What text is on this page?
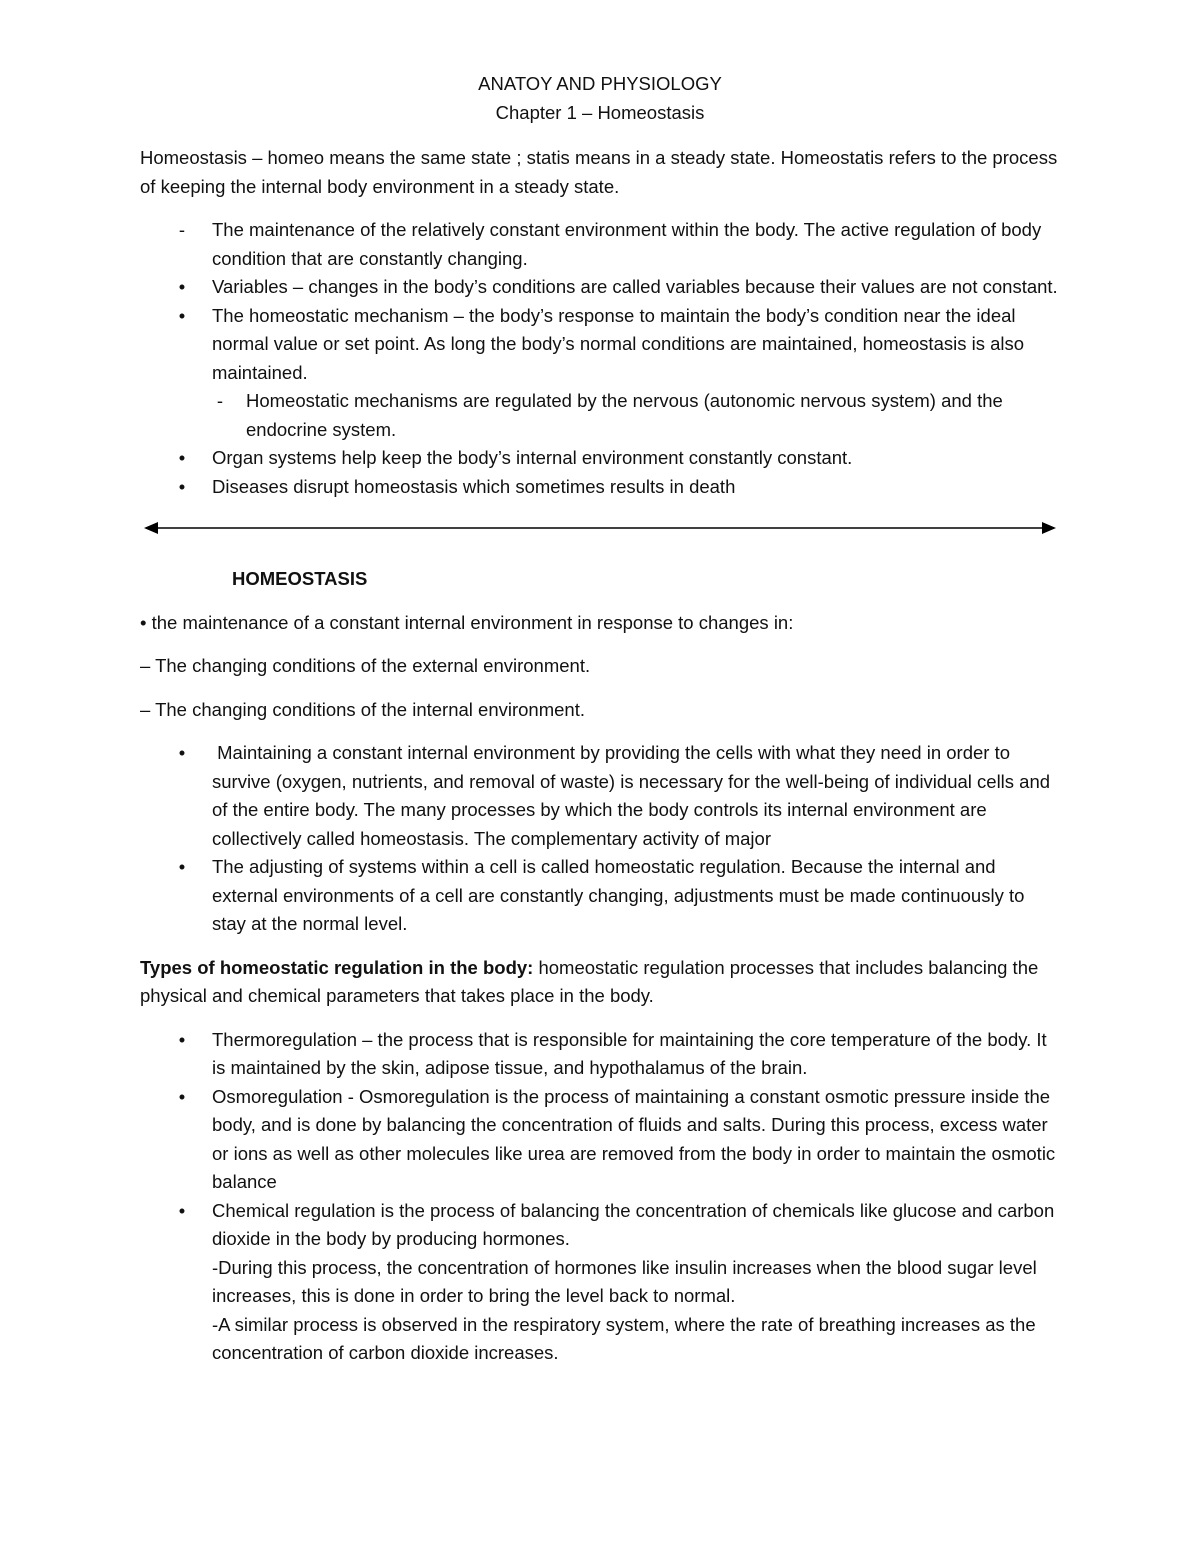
ANATOY AND PHYSIOLOGY

Chapter 1 – Homeostasis

Homeostasis – homeo means the same state ; statis means in a steady state. Homeostatis refers to the process of keeping the internal body environment in a steady state.

- The maintenance of the relatively constant environment within the body. The active regulation of body condition that are constantly changing.
• Variables – changes in the body’s conditions are called variables because their values are not constant.
• The homeostatic mechanism – the body’s response to maintain the body’s condition near the ideal normal value or set point. As long the body’s normal conditions are maintained, homeostasis is also maintained.
- Homeostatic mechanisms are regulated by the nervous (autonomic nervous system) and the endocrine system.
• Organ systems help keep the body’s internal environment constantly constant.
• Diseases disrupt homeostasis which sometimes results in death

HOMEOSTASIS

• the maintenance of a constant internal environment in response to changes in:

– The changing conditions of the external environment.

– The changing conditions of the internal environment.

• Maintaining a constant internal environment by providing the cells with what they need in order to survive (oxygen, nutrients, and removal of waste) is necessary for the well-being of individual cells and of the entire body. The many processes by which the body controls its internal environment are collectively called homeostasis. The complementary activity of major
• The adjusting of systems within a cell is called homeostatic regulation. Because the internal and external environments of a cell are constantly changing, adjustments must be made continuously to stay at the normal level.

Types of homeostatic regulation in the body: homeostatic regulation processes that includes balancing the physical and chemical parameters that takes place in the body.

• Thermoregulation – the process that is responsible for maintaining the core temperature of the body. It is maintained by the skin, adipose tissue, and hypothalamus of the brain.
• Osmoregulation - Osmoregulation is the process of maintaining a constant osmotic pressure inside the body, and is done by balancing the concentration of fluids and salts. During this process, excess water or ions as well as other molecules like urea are removed from the body in order to maintain the osmotic balance
• Chemical regulation is the process of balancing the concentration of chemicals like glucose and carbon dioxide in the body by producing hormones.
-During this process, the concentration of hormones like insulin increases when the blood sugar level increases, this is done in order to bring the level back to normal.
-A similar process is observed in the respiratory system, where the rate of breathing increases as the concentration of carbon dioxide increases.
